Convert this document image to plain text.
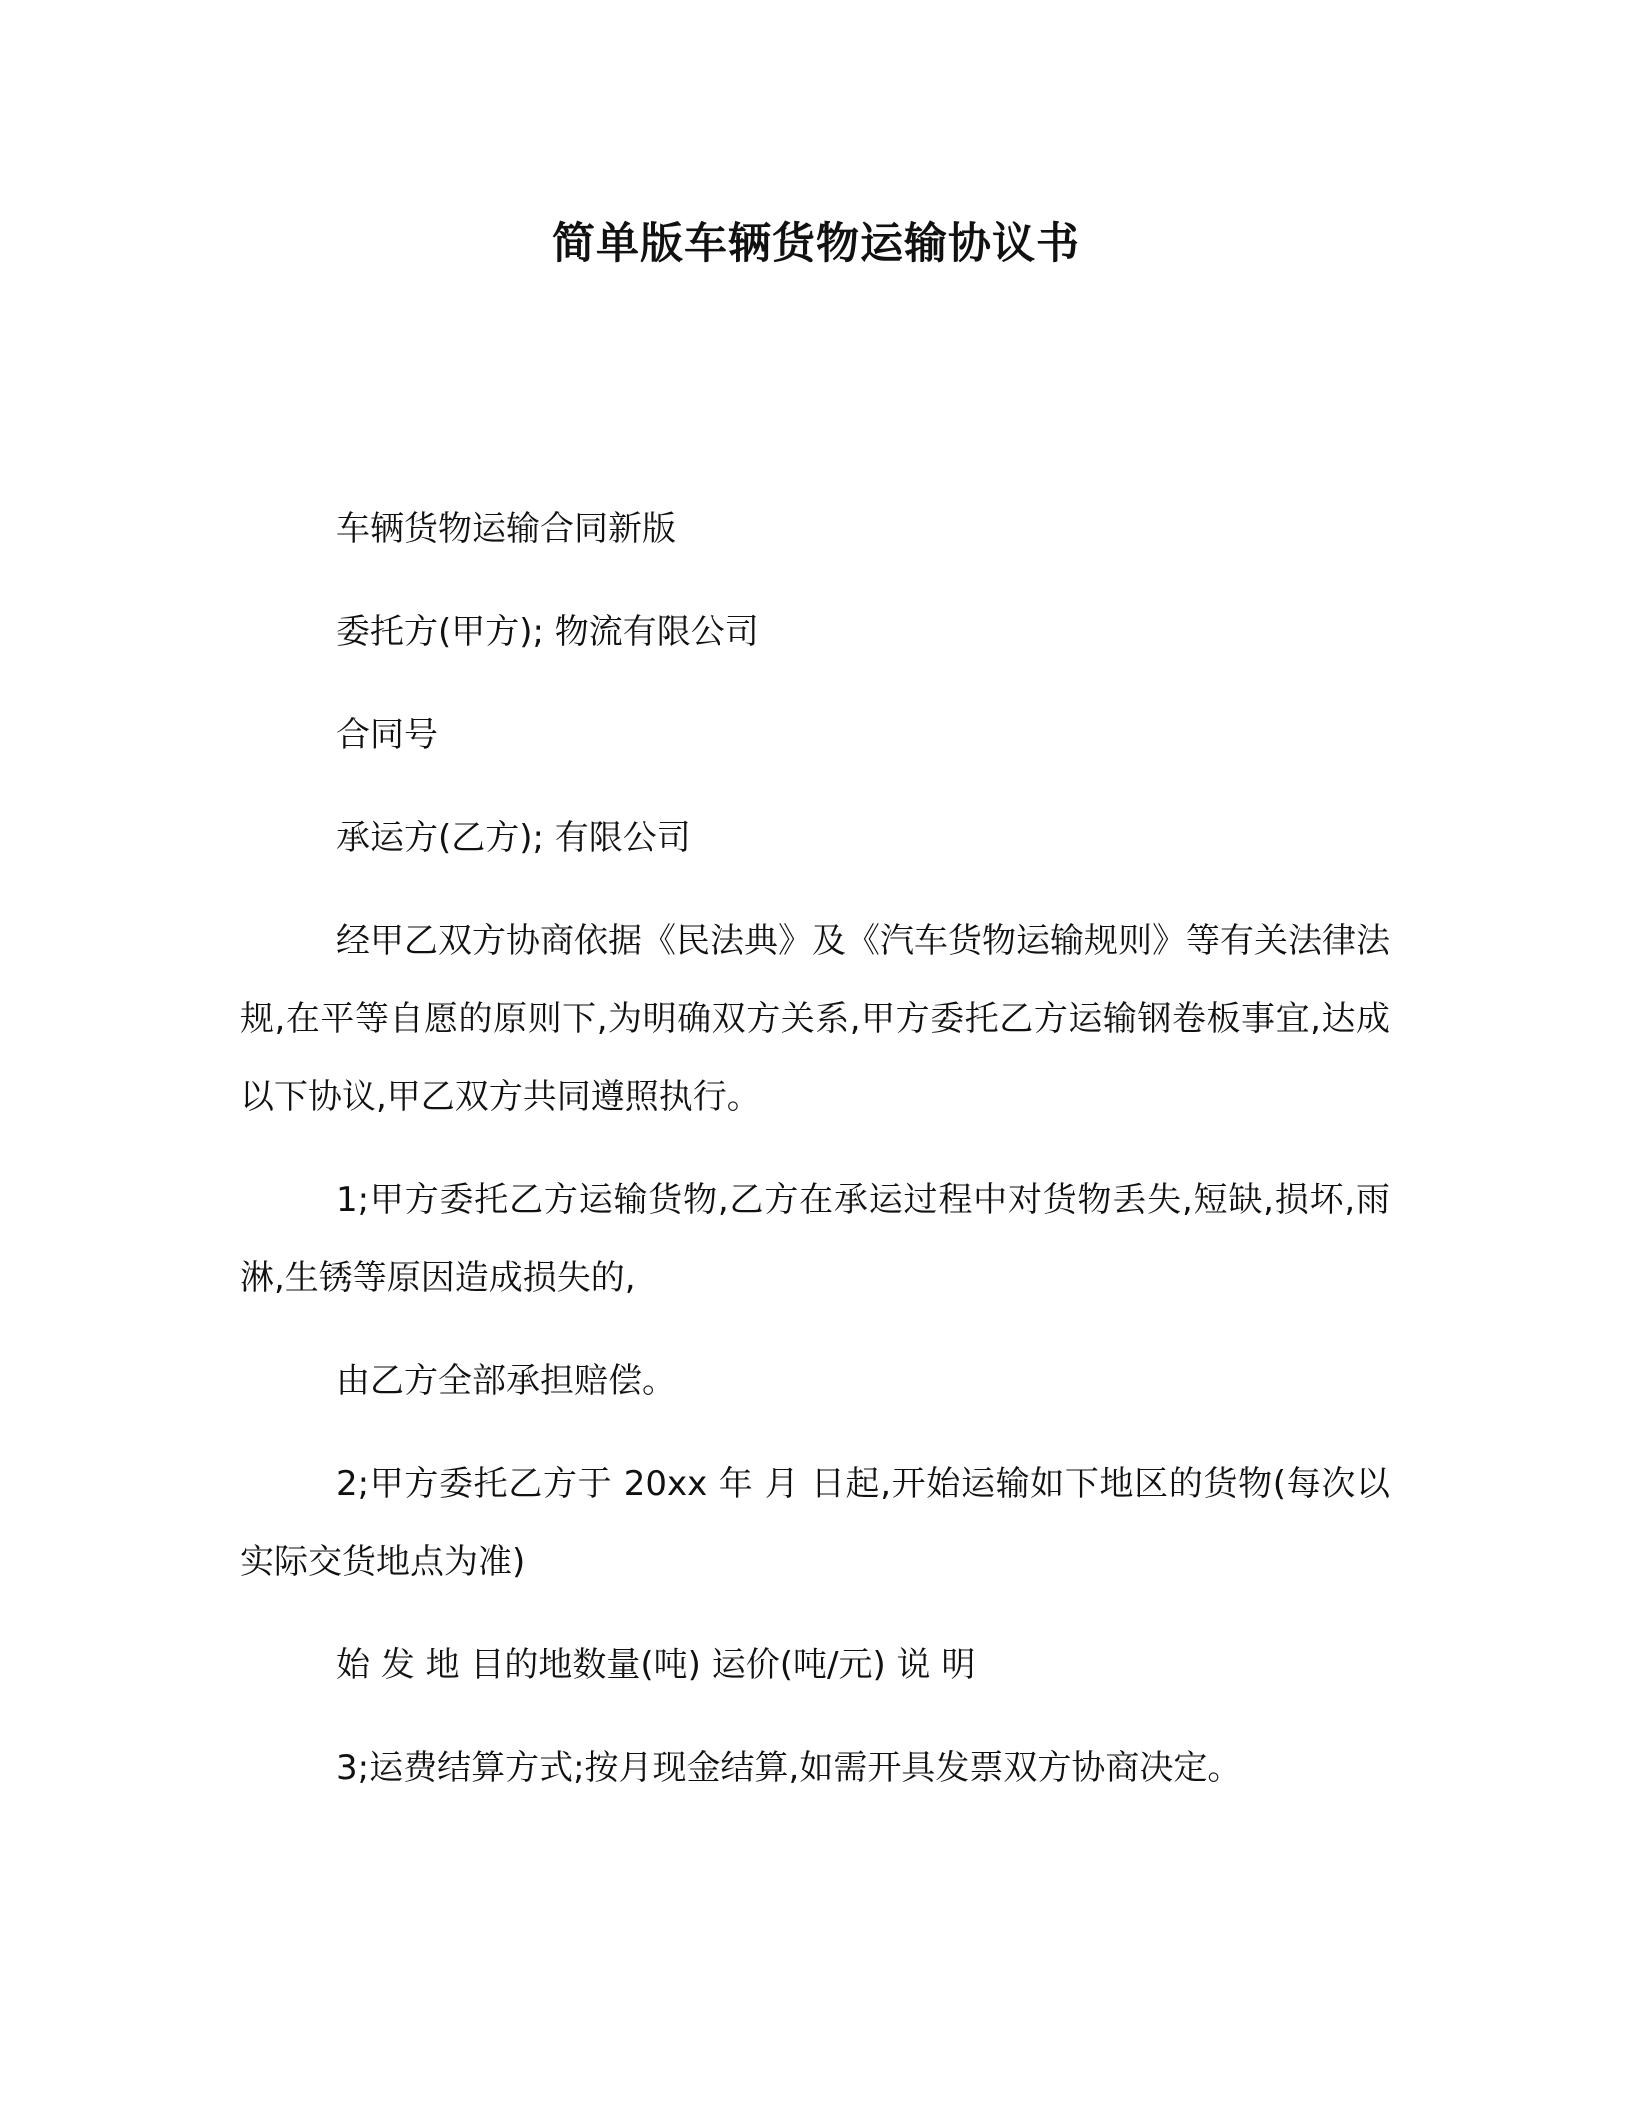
简单版车辆货物运输协议书

车辆货物运输合同新版

委托方(甲方); 物流有限公司

合同号

承运方(乙方); 有限公司

经甲乙双方协商依据《民法典》及《汽车货物运输规则》等有关法律法规,在平等自愿的原则下,为明确双方关系,甲方委托乙方运输钢卷板事宜,达成以下协议,甲乙双方共同遵照执行。

1;甲方委托乙方运输货物,乙方在承运过程中对货物丢失,短缺,损坏,雨淋,生锈等原因造成损失的,

由乙方全部承担赔偿。

2;甲方委托乙方于 20xx 年 月 日起,开始运输如下地区的货物(每次以实际交货地点为准)

始 发 地 目的地数量(吨) 运价(吨/元) 说 明

3;运费结算方式;按月现金结算,如需开具发票双方协商决定。
